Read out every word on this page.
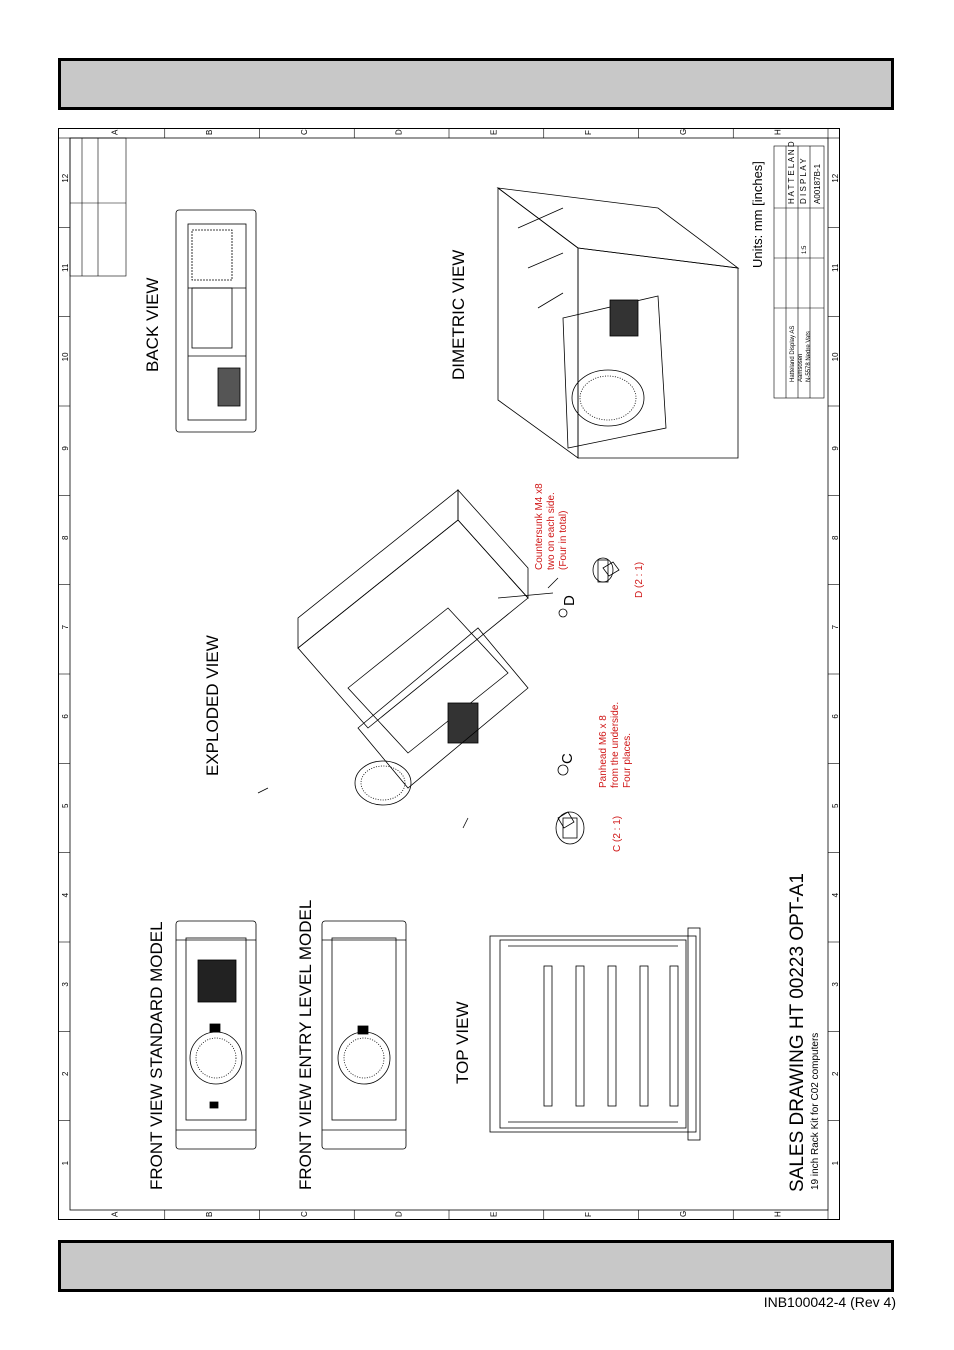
1	1
2	2
3	3
4	4
5	5
6	6
7	7
8	8
9	9
10	10
11	11
12	12
A
A
B
B
C
C
D
D
E
E
F
F
G
G
H
H
FRONT VIEW STANDARD MODEL	FRONT VIEW ENTRY LEVEL MODEL	TOP VIEW
EXPLODED VIEW
BACK VIEW	DIMETRIC VIEW
SALES DRAWING HT 00223 OPT-A1 19 inch Rack Kit for C02 computers
Units: mm [inches]
C
D
C (2 : 1)
D (2 : 1)
Panhead M6 x 8 from the underside. Four places.
Countersunk M4 x8 two on each side. (Four in total)
H A T T E L A N D D I S P L A Y A00187B-1
1:5
Hatteland Display AS Aamsosen N-5578 Nedre Vats
INB100042-4 (Rev 4)
